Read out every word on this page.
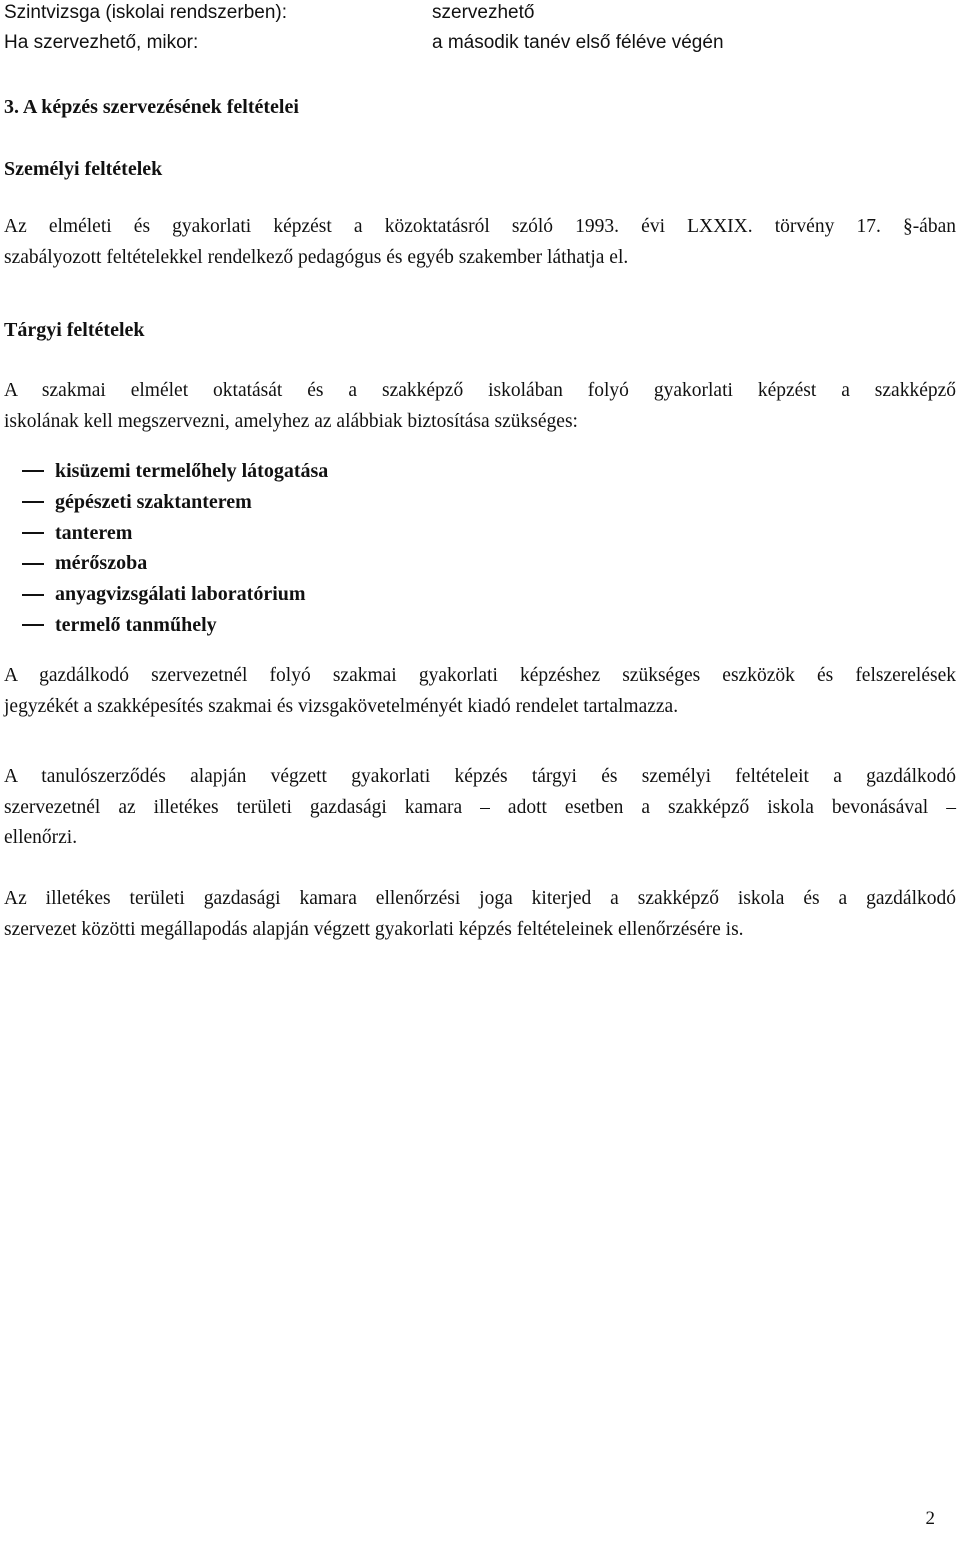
Szintvizsga (iskolai rendszerben):	szervezhető
Ha szervezhető, mikor:	a második tanév első féléve végén
3. A képzés szervezésének feltételei
Személyi feltételek
Az elméleti és gyakorlati képzést a közoktatásról szóló 1993. évi LXXIX. törvény 17. §-ában
szabályozott feltételekkel rendelkező pedagógus és egyéb szakember láthatja el.
Tárgyi feltételek
A szakmai elmélet oktatását és a szakképző iskolában folyó gyakorlati képzést a szakképző
iskolának kell megszervezni, amelyhez az alábbiak biztosítása szükséges:
kisüzemi termelőhely látogatása
gépészeti szaktanterem
tanterem
mérőszoba
anyagvizsgálati laboratórium
termelő tanműhely
A gazdálkodó szervezetnél folyó szakmai gyakorlati képzéshez szükséges eszközök és felszerelések
jegyzékét a szakképesítés szakmai és vizsgakövetelményét kiadó rendelet tartalmazza.
A tanulószerződés alapján végzett gyakorlati képzés tárgyi és személyi feltételeit a gazdálkodó
szervezetnél az illetékes területi gazdasági kamara – adott esetben a szakképző iskola bevonásával –
ellenőrzi.
Az illetékes területi gazdasági kamara ellenőrzési joga kiterjed a szakképző iskola és a gazdálkodó
szervezet közötti megállapodás alapján végzett gyakorlati képzés feltételeinek ellenőrzésére is.
2
